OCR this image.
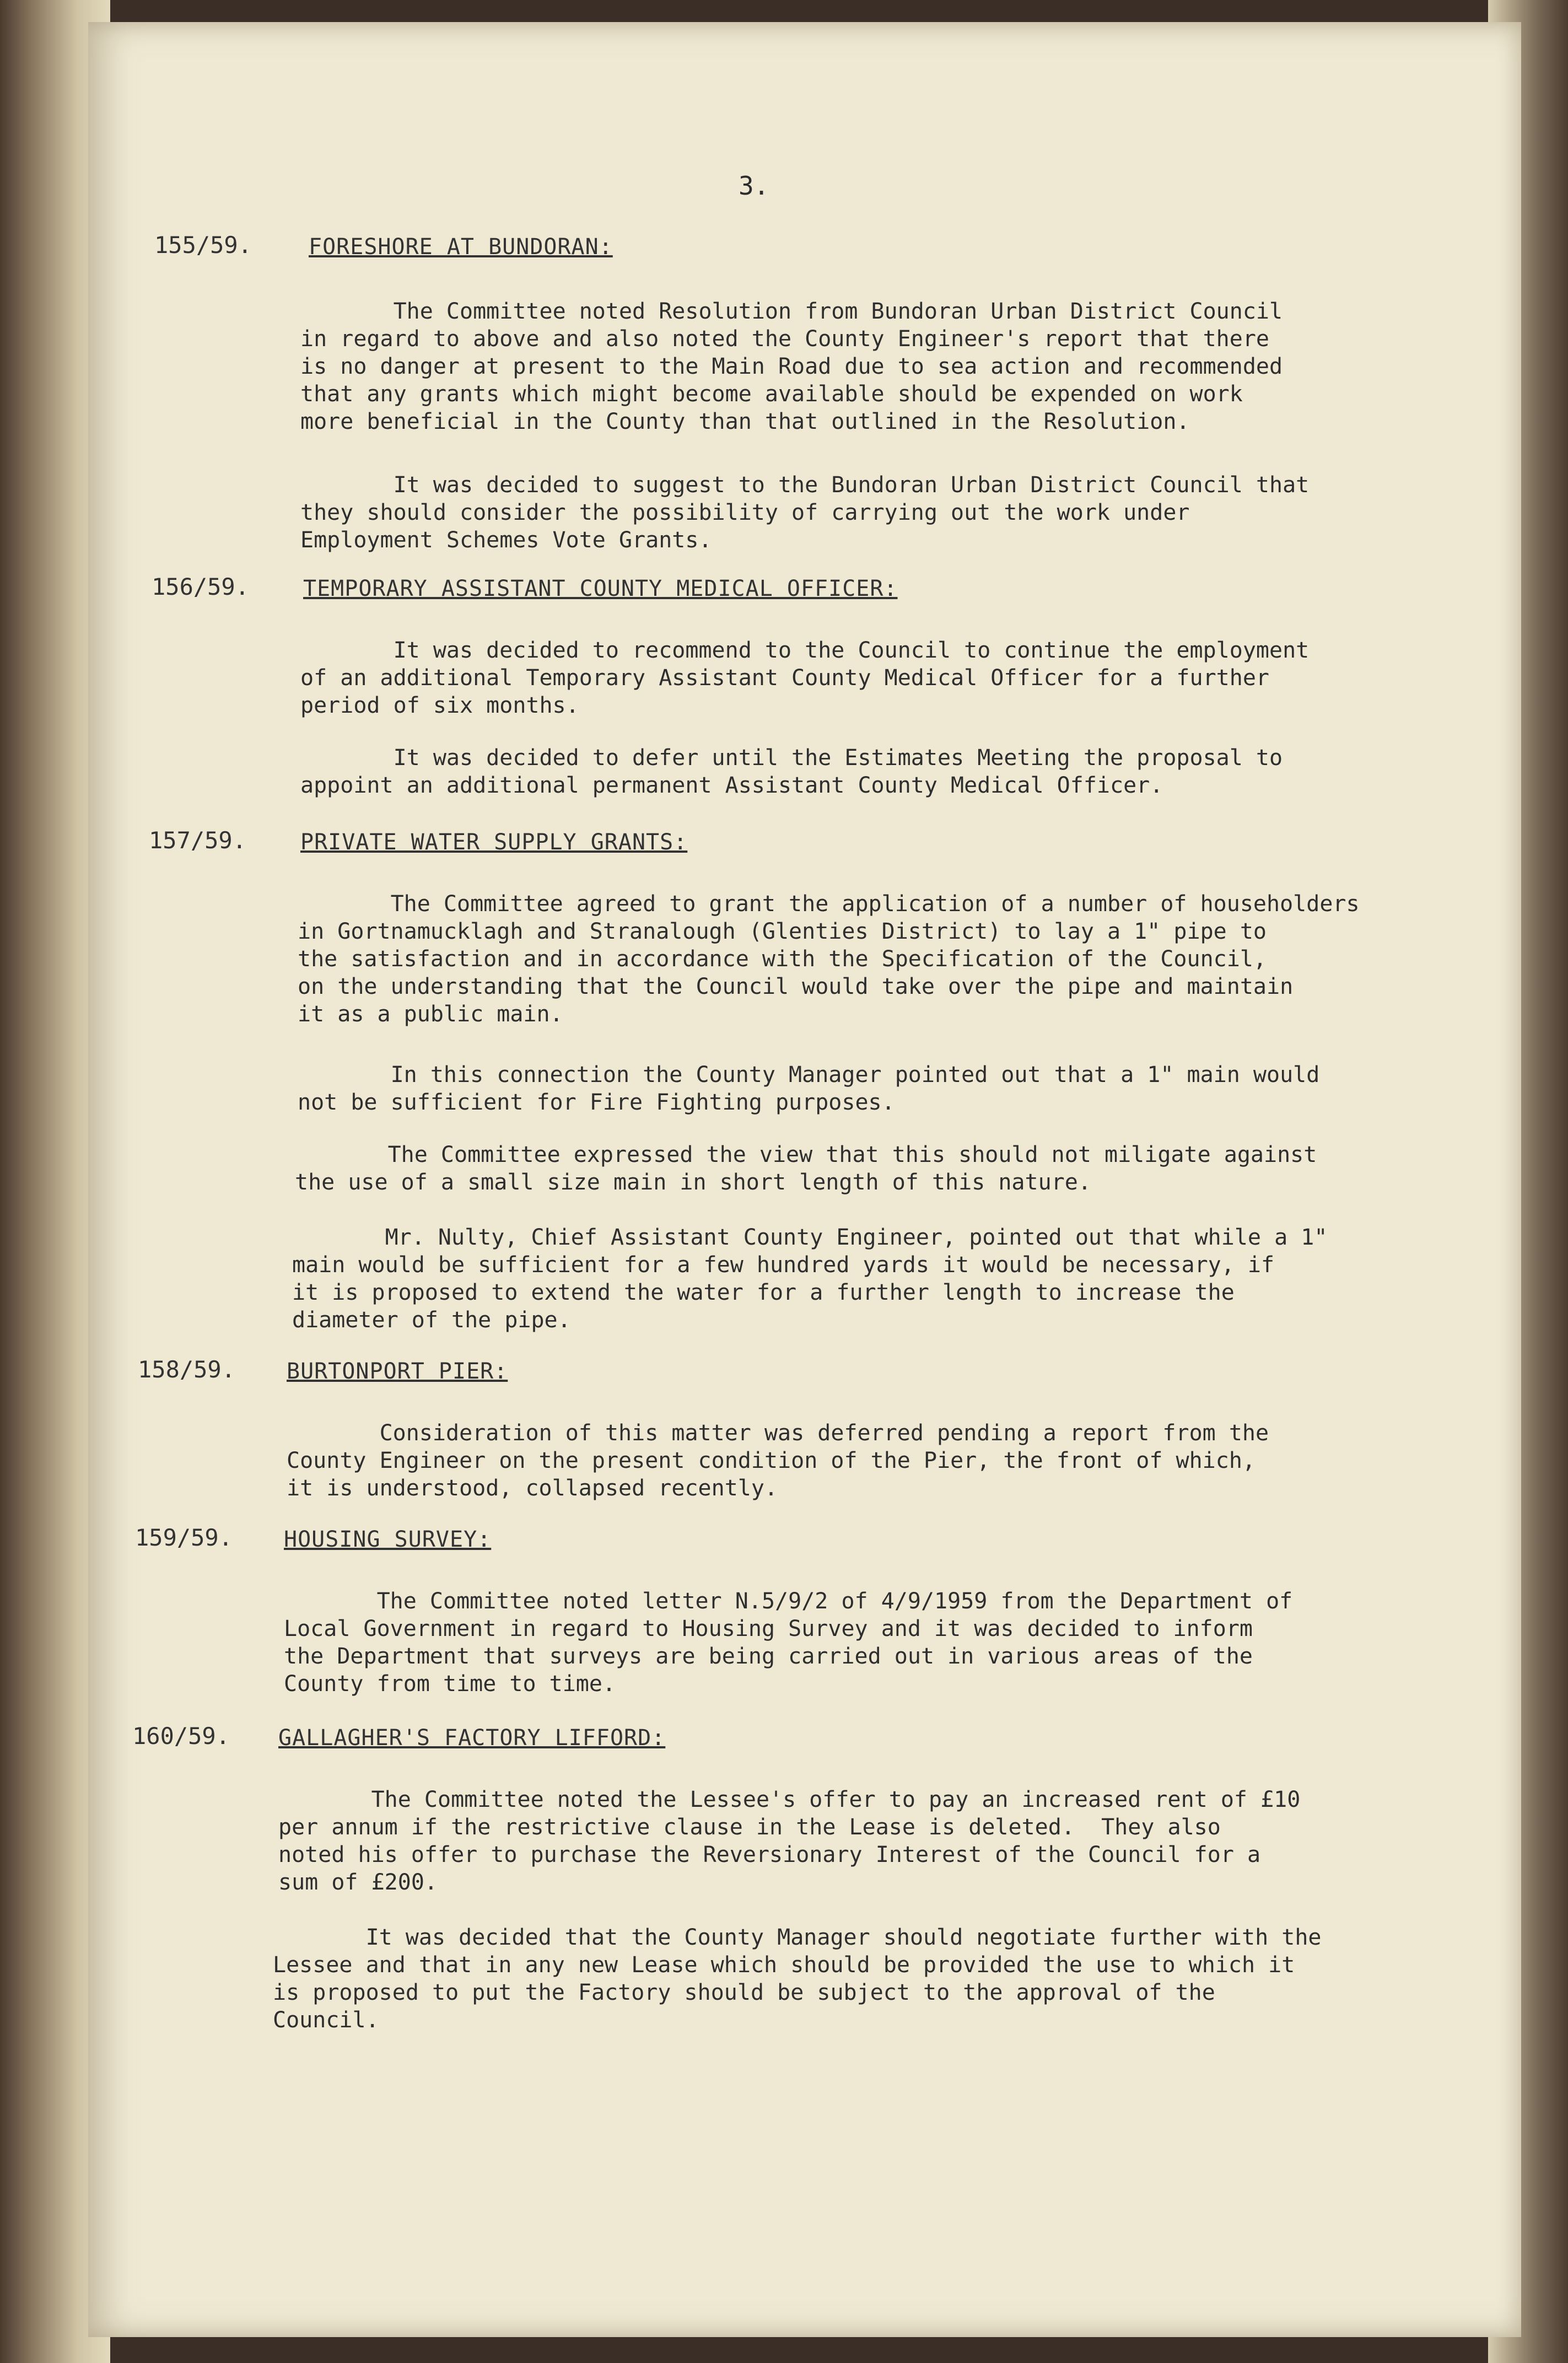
3.
155/59.	FORESHORE AT BUNDORAN:

The Committee noted Resolution from Bundoran Urban District Council
in regard to above and also noted the County Engineer's report that there
is no danger at present to the Main Road due to sea action and recommended
that any grants which might become available should be expended on work
more beneficial in the County than that outlined in the Resolution.

It was decided to suggest to the Bundoran Urban District Council that
they should consider the possibility of carrying out the work under
Employment Schemes Vote Grants.

156/59. TEMPORARY ASSISTANT COUNTY MEDICAL OFFICER:

It was decided to recommend to the Council to continue the employment
of an additional Temporary Assistant County Medical Officer for a further
period of six months.

It was decided to defer until the Estimates Meeting the proposal to
appoint an additional permanent Assistant County Medical Officer.

157/59. PRIVATE WATER SUPPLY GRANTS:

The Committee agreed to grant the application of a number of householders
in Gortnamucklagh and Stranalough (Glenties District) to lay a 1" pipe to
the satisfaction and in accordance with the Specification of the Council,
on the understanding that the Council would take over the pipe and maintain
it as a public main.

In this connection the County Manager pointed out that a 1" main would
not be sufficient for Fire Fighting purposes.

The Committee expressed the view that this should not miligate against
the use of a small size main in short length of this nature.

Mr. Nulty, Chief Assistant County Engineer, pointed out that while a 1"
main would be sufficient for a few hundred yards it would be necessary, if
it is proposed to extend the water for a further length to increase the
diameter of the pipe.

158/59. BURTONPORT PIER:

Consideration of this matter was deferred pending a report from the
County Engineer on the present condition of the Pier, the front of which,
it is understood, collapsed recently.

159/59. HOUSING SURVEY:

The Committee noted letter N.5/9/2 of 4/9/1959 from the Department of
Local Government in regard to Housing Survey and it was decided to inform
the Department that surveys are being carried out in various areas of the
County from time to time.

160/59. GALLAGHER'S FACTORY LIFFORD:

The Committee noted the Lessee's offer to pay an increased rent of £10
per annum if the restrictive clause in the Lease is deleted.  They also
noted his offer to purchase the Reversionary Interest of the Council for a
sum of £200.

It was decided that the County Manager should negotiate further with the
Lessee and that in any new Lease which should be provided the use to which it
is proposed to put the Factory should be subject to the approval of the
Council.
